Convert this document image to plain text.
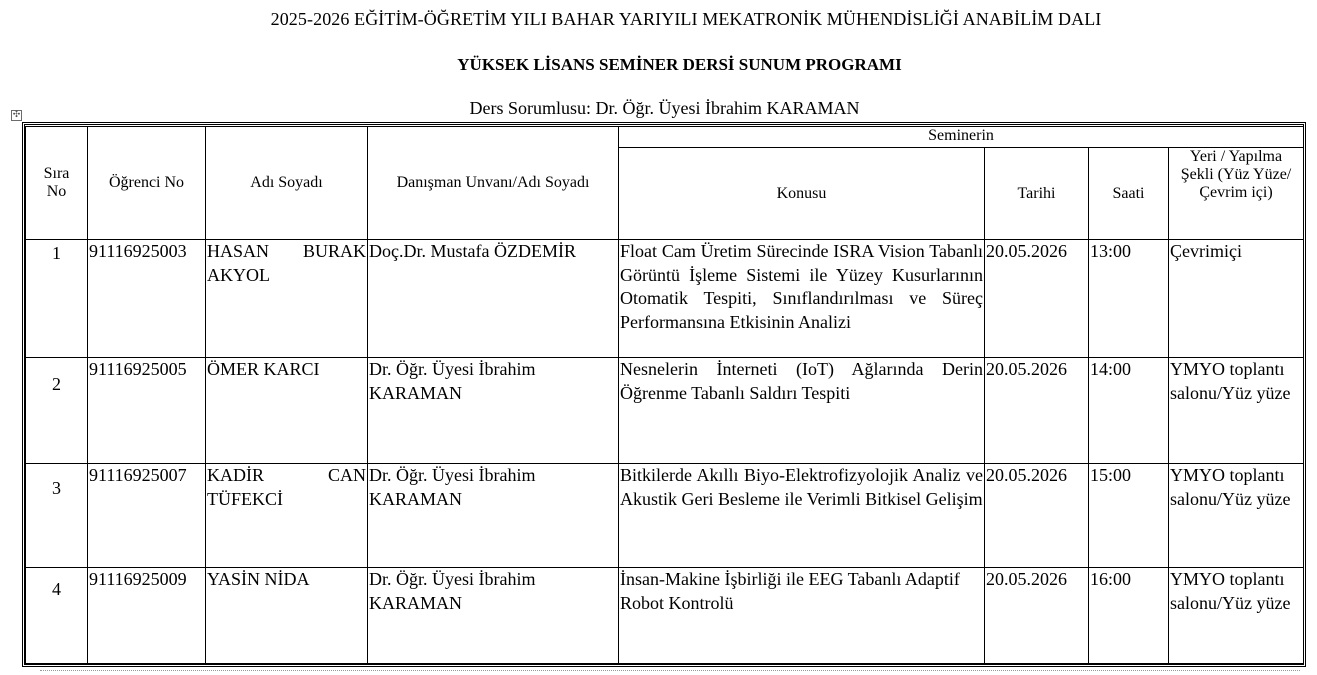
2025-2026 EĞİTİM-ÖĞRETİM YILI BAHAR YARIYILI MEKATRONİK MÜHENDİSLİĞİ ANABİLİM DALI
YÜKSEK LİSANS SEMİNER DERSİ SUNUM PROGRAMI
Ders Sorumlusu: Dr. Öğr. Üyesi İbrahim KARAMAN
✣
Sıra No	Öğrenci No	Adı Soyadı	Danışman Unvanı/Adı Soyadı	Seminerin			
				Konusu	Tarihi	Saati	Yeri / Yapılma Şekli (Yüz Yüze/ Çevrim içi)
1	91116925003	HASAN BURAK AKYOL	Doç.Dr. Mustafa ÖZDEMİR	Float Cam Üretim Sürecinde ISRA Vision Tabanlı Görüntü İşleme Sistemi ile Yüzey Kusurlarının Otomatik Tespiti, Sınıflandırılması ve Süreç Performansına Etkisinin Analizi	20.05.2026	13:00	Çevrimiçi
2	91116925005	ÖMER KARCI	Dr. Öğr. Üyesi İbrahim KARAMAN	Nesnelerin İnterneti (IoT) Ağlarında Derin Öğrenme Tabanlı Saldırı Tespiti	20.05.2026	14:00	YMYO toplantı salonu/Yüz yüze
3	91116925007	KADİR CAN TÜFEKCİ	Dr. Öğr. Üyesi İbrahim KARAMAN	Bitkilerde Akıllı Biyo-Elektrofizyolojik Analiz ve Akustik Geri Besleme ile Verimli Bitkisel Gelişim	20.05.2026	15:00	YMYO toplantı salonu/Yüz yüze
4	91116925009	YASİN NİDA	Dr. Öğr. Üyesi İbrahim KARAMAN	İnsan-Makine İşbirliği ile EEG Tabanlı Adaptif Robot Kontrolü	20.05.2026	16:00	YMYO toplantı salonu/Yüz yüze
